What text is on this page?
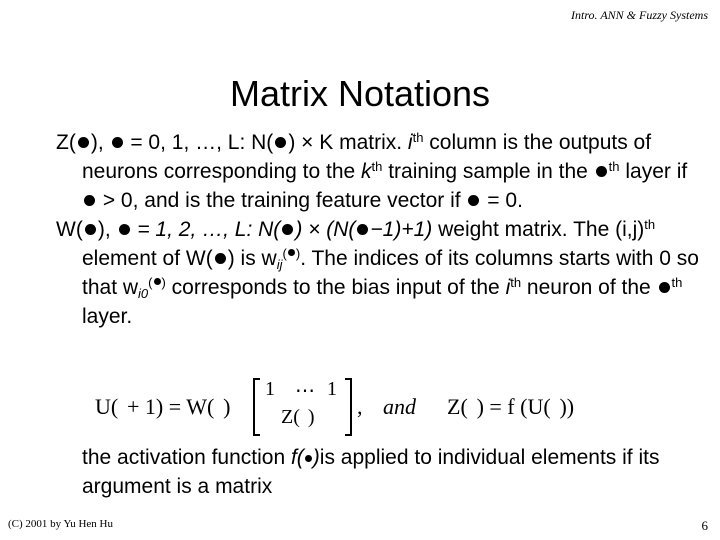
Intro. ANN & Fuzzy Systems
Matrix Notations
Z( ),  = 0, 1, …, L: N( ) × K matrix. $i^{th}$ column is the outputs of neurons corresponding to the $k^{th}$ training sample in the $^{th}$ layer if  > 0, and is the training feature vector if  = 0.
W( ),  = 1, 2, …, L: N( ) × (N( −1)+1) weight matrix. The $(i,j)^{th}$ element of W( ) is $w_{ij}^{( )}$. The indices of its columns starts with 0 so that $w_{i0}^{( )}$ corresponds to the bias input of the $i^{th}$ neuron of the $^{th}$ layer.
U(  + 1) = W(  )
1 ⋯ 1
Z(  ) , and Z(  ) = f (U(  ))
the activation function f( )is applied to individual elements if its argument is a matrix
(C) 2001 by Yu Hen Hu	6
